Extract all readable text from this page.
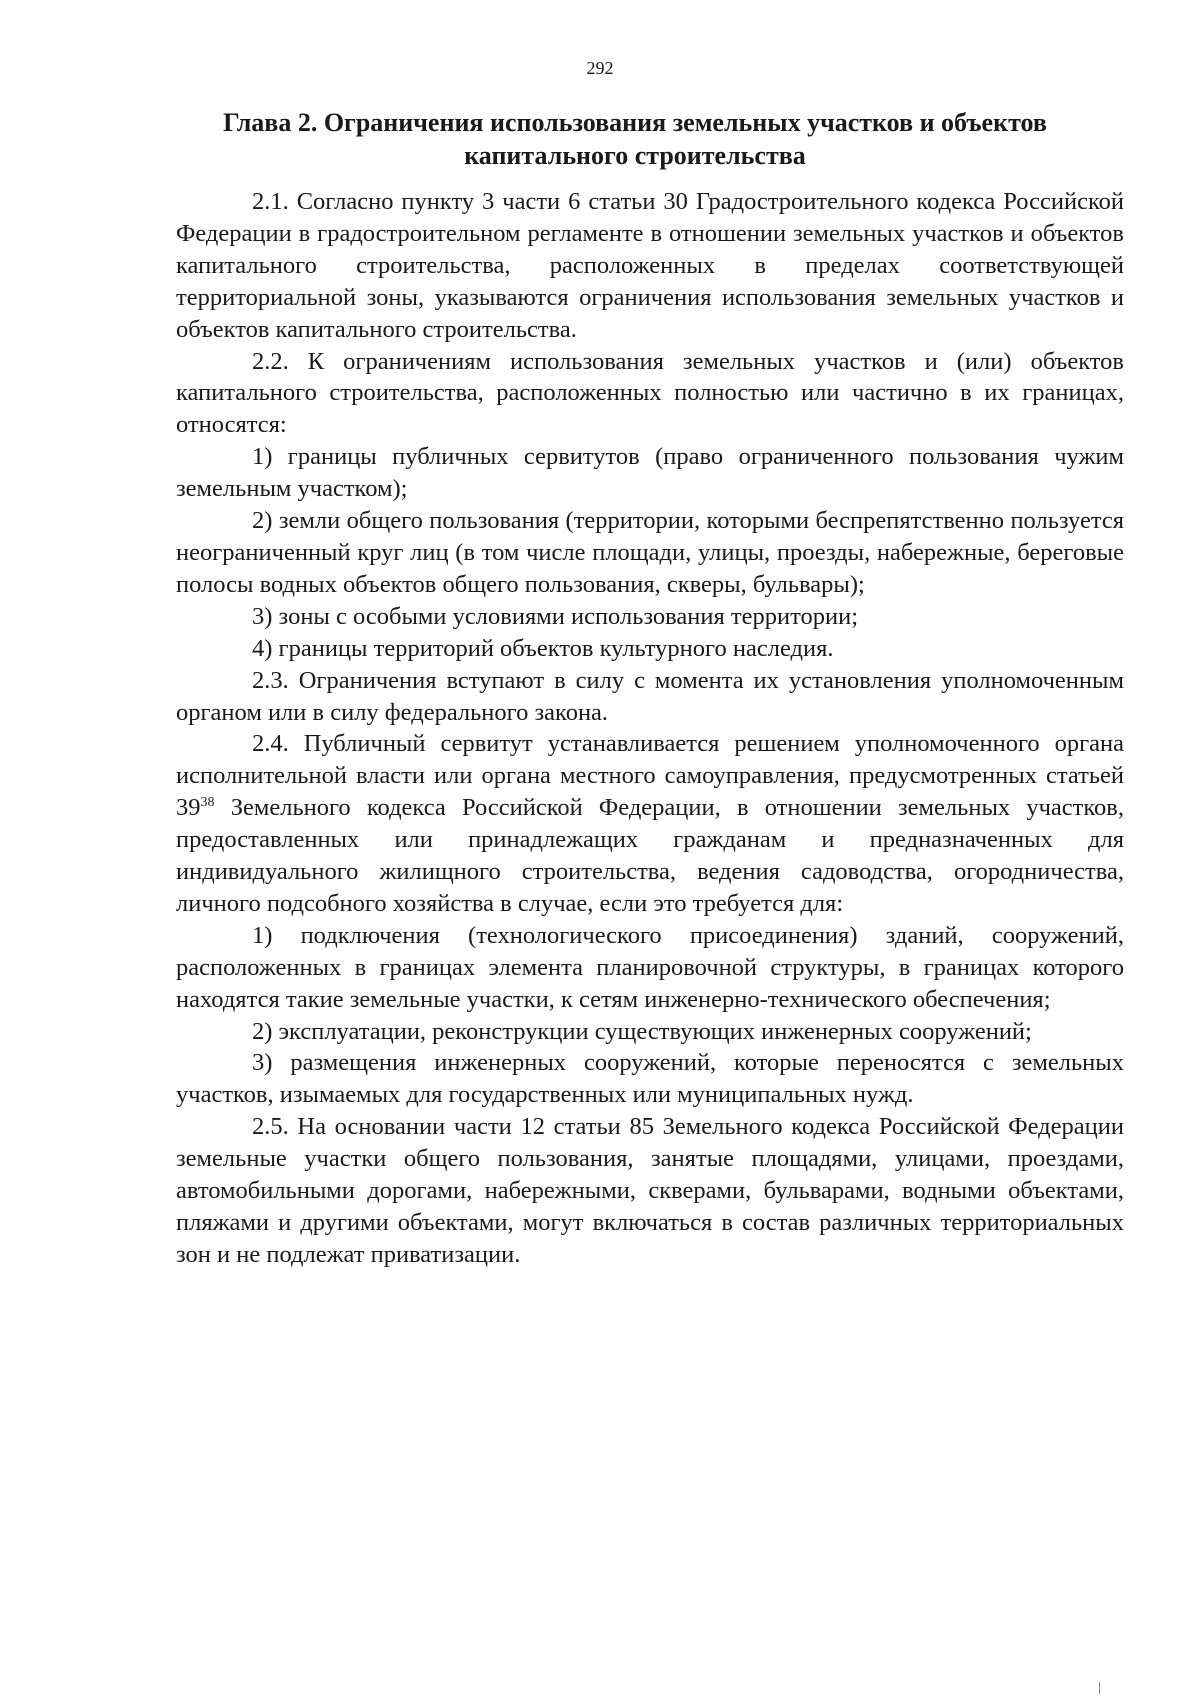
292
Глава 2. Ограничения использования земельных участков и объектов
капитального строительства

2.1. Согласно пункту 3 части 6 статьи 30 Градостроительного кодекса Российской Федерации в градостроительном регламенте в отношении земельных участков и объектов капитального строительства, расположенных в пределах соответствующей территориальной зоны, указываются ограничения использования земельных участков и объектов капитального строительства.

2.2. К ограничениям использования земельных участков и (или) объектов капитального строительства, расположенных полностью или частично в их границах, относятся:

1) границы публичных сервитутов (право ограниченного пользования чужим земельным участком);

2) земли общего пользования (территории, которыми беспрепятственно пользуется неограниченный круг лиц (в том числе площади, улицы, проезды, набережные, береговые полосы водных объектов общего пользования, скверы, бульвары);

3) зоны с особыми условиями использования территории;

4) границы территорий объектов культурного наследия.

2.3. Ограничения вступают в силу с момента их установления уполномоченным органом или в силу федерального закона.

2.4. Публичный сервитут устанавливается решением уполномоченного органа исполнительной власти или органа местного самоуправления, предусмотренных статьей $39^{38}$ Земельного кодекса Российской Федерации, в отношении земельных участков, предоставленных или принадлежащих гражданам и предназначенных для индивидуального жилищного строительства, ведения садоводства, огородничества, личного подсобного хозяйства в случае, если это требуется для:

1) подключения (технологического присоединения) зданий, сооружений, расположенных в границах элемента планировочной структуры, в границах которого находятся такие земельные участки, к сетям инженерно-технического обеспечения;

2) эксплуатации, реконструкции существующих инженерных сооружений;

3) размещения инженерных сооружений, которые переносятся с земельных участков, изымаемых для государственных или муниципальных нужд.

2.5. На основании части 12 статьи 85 Земельного кодекса Российской Федерации земельные участки общего пользования, занятые площадями, улицами, проездами, автомобильными дорогами, набережными, скверами, бульварами, водными объектами, пляжами и другими объектами, могут включаться в состав различных территориальных зон и не подлежат приватизации.
